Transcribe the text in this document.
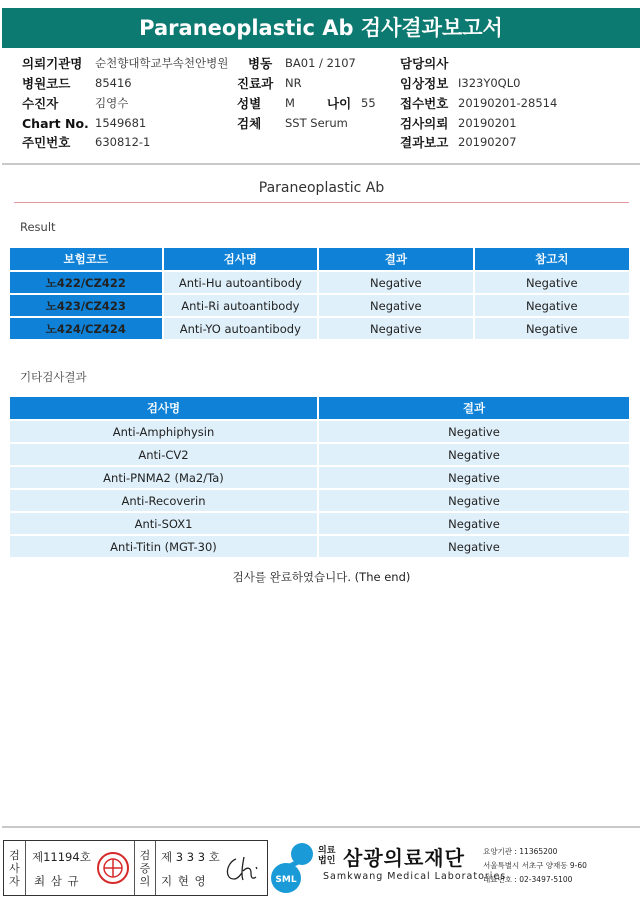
Paraneoplastic Ab 검사결과보고서
의뢰기관명 순천향대학교부속천안병원 병동 BA01 / 2107	담당의사
병원코드 85416	진료과 NR	임상정보 I323Y0QL0
수진자	김영수	성별 M	나이 55 접수번호 20190201-28514
Chart No. 1549681	검체 SST Serum	검사의뢰 20190201
주민번호 630812-1	결과보고 20190207
Paraneoplastic Ab
Result
보험코드	검사명	결과	참고치
노422/CZ422	Anti-Hu autoantibody	Negative	Negative
노423/CZ423	Anti-Ri autoantibody	Negative	Negative
노424/CZ424	Anti-YO autoantibody	Negative	Negative
기타검사결과
검사명	결과
Anti-Amphiphysin	Negative
Anti-CV2	Negative
Anti-PNMA2 (Ma2/Ta)	Negative
Anti-Recoverin	Negative
Anti-SOX1	Negative
Anti-Titin (MGT-30)	Negative
검사를 완료하였습니다. (The end)
검
사
자
제11194호
최 삼 규
검
증
의
제 3 3 3 호
지 현 영	SML
의료
법인 삼광의료재단
Samkwang Medical Laboratories
요양기관 : 11365200
서울특별시 서초구 양재동 9-60
대표번호 : 02-3497-5100
